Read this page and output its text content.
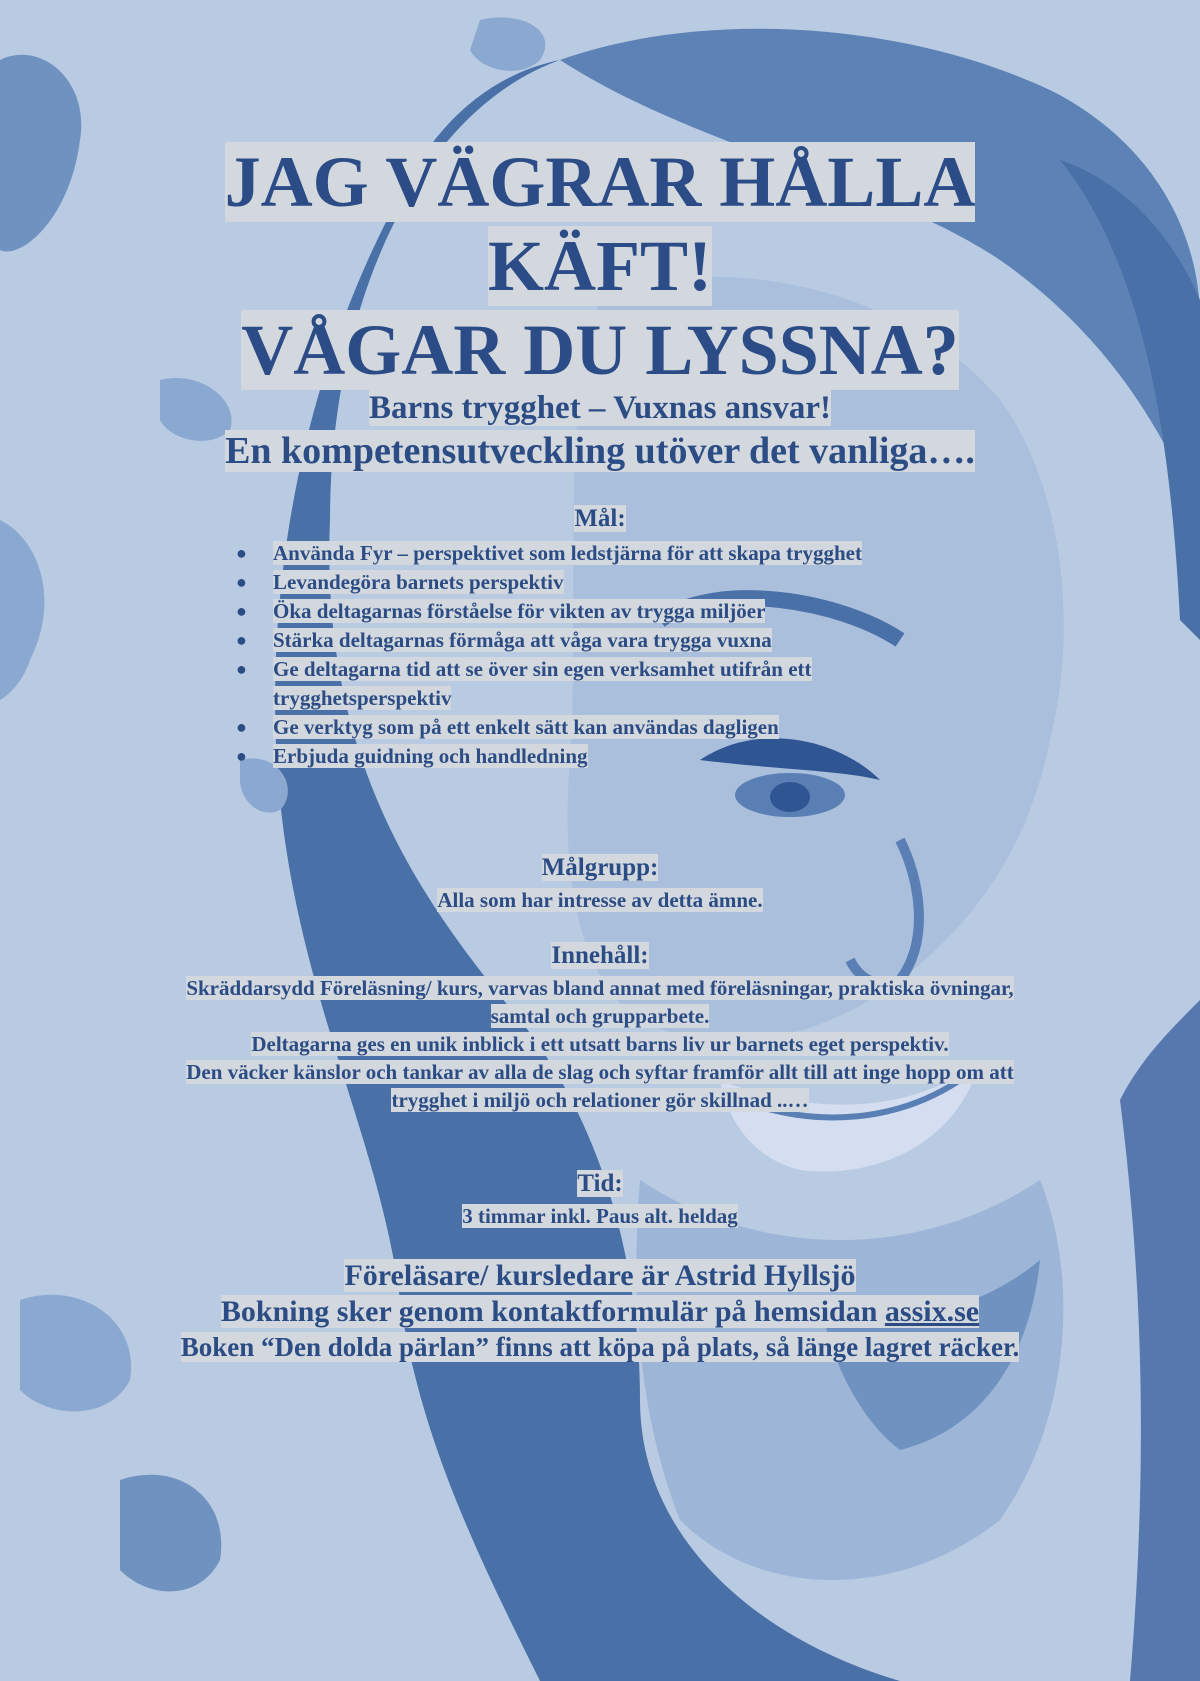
JAG VÄGRAR HÅLLA
KÄFT!
VÅGAR DU LYSSNA?

Barns trygghet – Vuxnas ansvar!

En kompetensutveckling utöver det vanliga….

Mål:

● Använda Fyr – perspektivet som ledstjärna för att skapa trygghet
● Levandegöra barnets perspektiv
● Öka deltagarnas förståelse för vikten av trygga miljöer
● Stärka deltagarnas förmåga att våga vara trygga vuxna
● Ge deltagarna tid att se över sin egen verksamhet utifrån ett trygghetsperspektiv
● Ge verktyg som på ett enkelt sätt kan användas dagligen
● Erbjuda guidning och handledning

Målgrupp:

Alla som har intresse av detta ämne.

Innehåll:

Skräddarsydd Föreläsning/ kurs, varvas bland annat med föreläsningar, praktiska övningar, samtal och grupparbete.

Deltagarna ges en unik inblick i ett utsatt barns liv ur barnets eget perspektiv.

Den väcker känslor och tankar av alla de slag och syftar framför allt till att inge hopp om att trygghet i miljö och relationer gör skillnad ..…

Tid:

3 timmar inkl. Paus alt. heldag

Föreläsare/ kursledare är Astrid Hyllsjö

Bokning sker genom kontaktformulär på hemsidan assix.se

Boken “Den dolda pärlan” finns att köpa på plats, så länge lagret räcker.
